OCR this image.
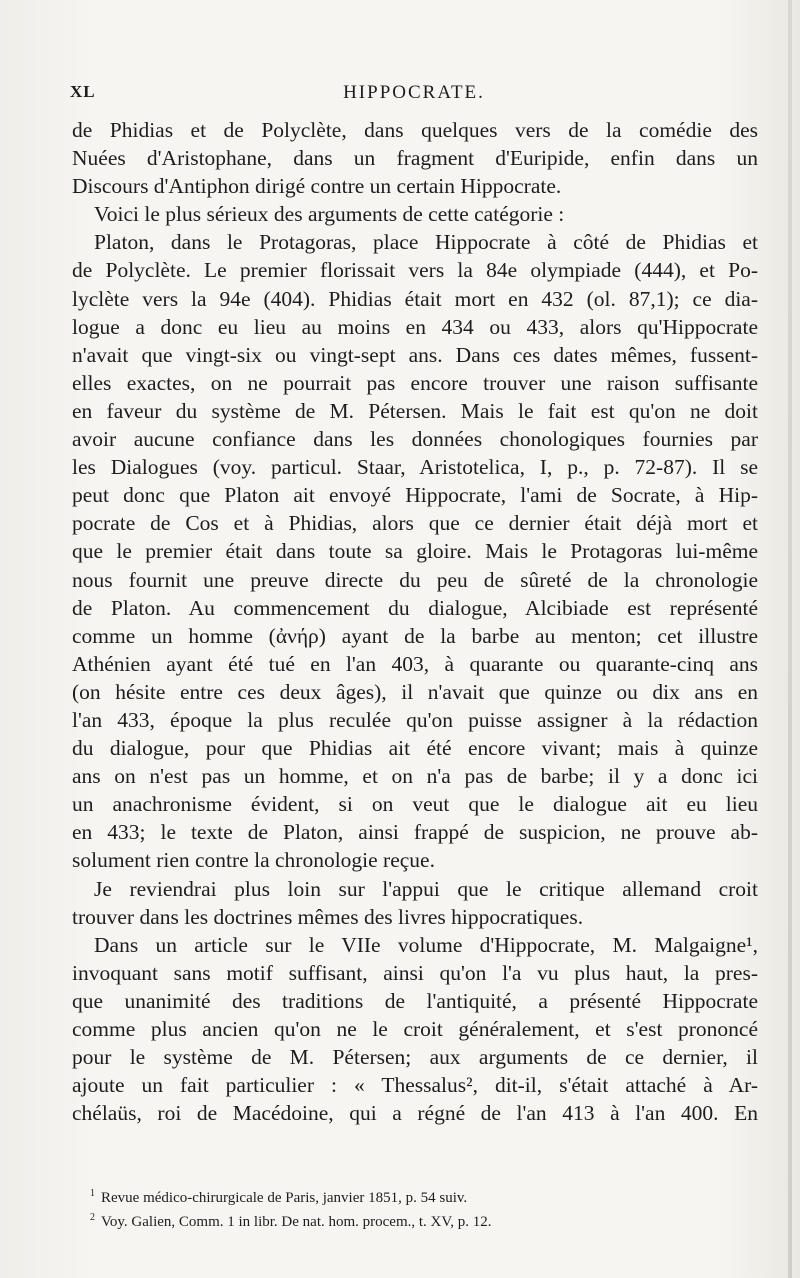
XL	HIPPOCRATE.
de Phidias et de Polyclète, dans quelques vers de la comédie des
Nuées d'Aristophane, dans un fragment d'Euripide, enfin dans un
Discours d'Antiphon dirigé contre un certain Hippocrate.
Voici le plus sérieux des arguments de cette catégorie :
Platon, dans le Protagoras, place Hippocrate à côté de Phidias et
de Polyclète. Le premier florissait vers la 84e olympiade (444), et Po-
lyclète vers la 94e (404). Phidias était mort en 432 (ol. 87,1); ce dia-
logue a donc eu lieu au moins en 434 ou 433, alors qu'Hippocrate
n'avait que vingt-six ou vingt-sept ans. Dans ces dates mêmes, fussent-
elles exactes, on ne pourrait pas encore trouver une raison suffisante
en faveur du système de M. Pétersen. Mais le fait est qu'on ne doit
avoir aucune confiance dans les données chonologiques fournies par
les Dialogues (voy. particul. Staar, Aristotelica, I, p., p. 72-87). Il se
peut donc que Platon ait envoyé Hippocrate, l'ami de Socrate, à Hip-
pocrate de Cos et à Phidias, alors que ce dernier était déjà mort et
que le premier était dans toute sa gloire. Mais le Protagoras lui-même
nous fournit une preuve directe du peu de sûreté de la chronologie
de Platon. Au commencement du dialogue, Alcibiade est représenté
comme un homme (ἀνήρ) ayant de la barbe au menton; cet illustre
Athénien ayant été tué en l'an 403, à quarante ou quarante-cinq ans
(on hésite entre ces deux âges), il n'avait que quinze ou dix ans en
l'an 433, époque la plus reculée qu'on puisse assigner à la rédaction
du dialogue, pour que Phidias ait été encore vivant; mais à quinze
ans on n'est pas un homme, et on n'a pas de barbe; il y a donc ici
un anachronisme évident, si on veut que le dialogue ait eu lieu
en 433; le texte de Platon, ainsi frappé de suspicion, ne prouve ab-
solument rien contre la chronologie reçue.
Je reviendrai plus loin sur l'appui que le critique allemand croit
trouver dans les doctrines mêmes des livres hippocratiques.
Dans un article sur le VIIe volume d'Hippocrate, M. Malgaigne¹,
invoquant sans motif suffisant, ainsi qu'on l'a vu plus haut, la pres-
que unanimité des traditions de l'antiquité, a présenté Hippocrate
comme plus ancien qu'on ne le croit généralement, et s'est prononcé
pour le système de M. Pétersen; aux arguments de ce dernier, il
ajoute un fait particulier : « Thessalus², dit-il, s'était attaché à Ar-
chélaüs, roi de Macédoine, qui a régné de l'an 413 à l'an 400. En
$^1$ Revue médico-chirurgicale de Paris, janvier 1851, p. 54 suiv.
$^2$ Voy. Galien, Comm. 1 in libr. De nat. hom. procem., t. XV, p. 12.
